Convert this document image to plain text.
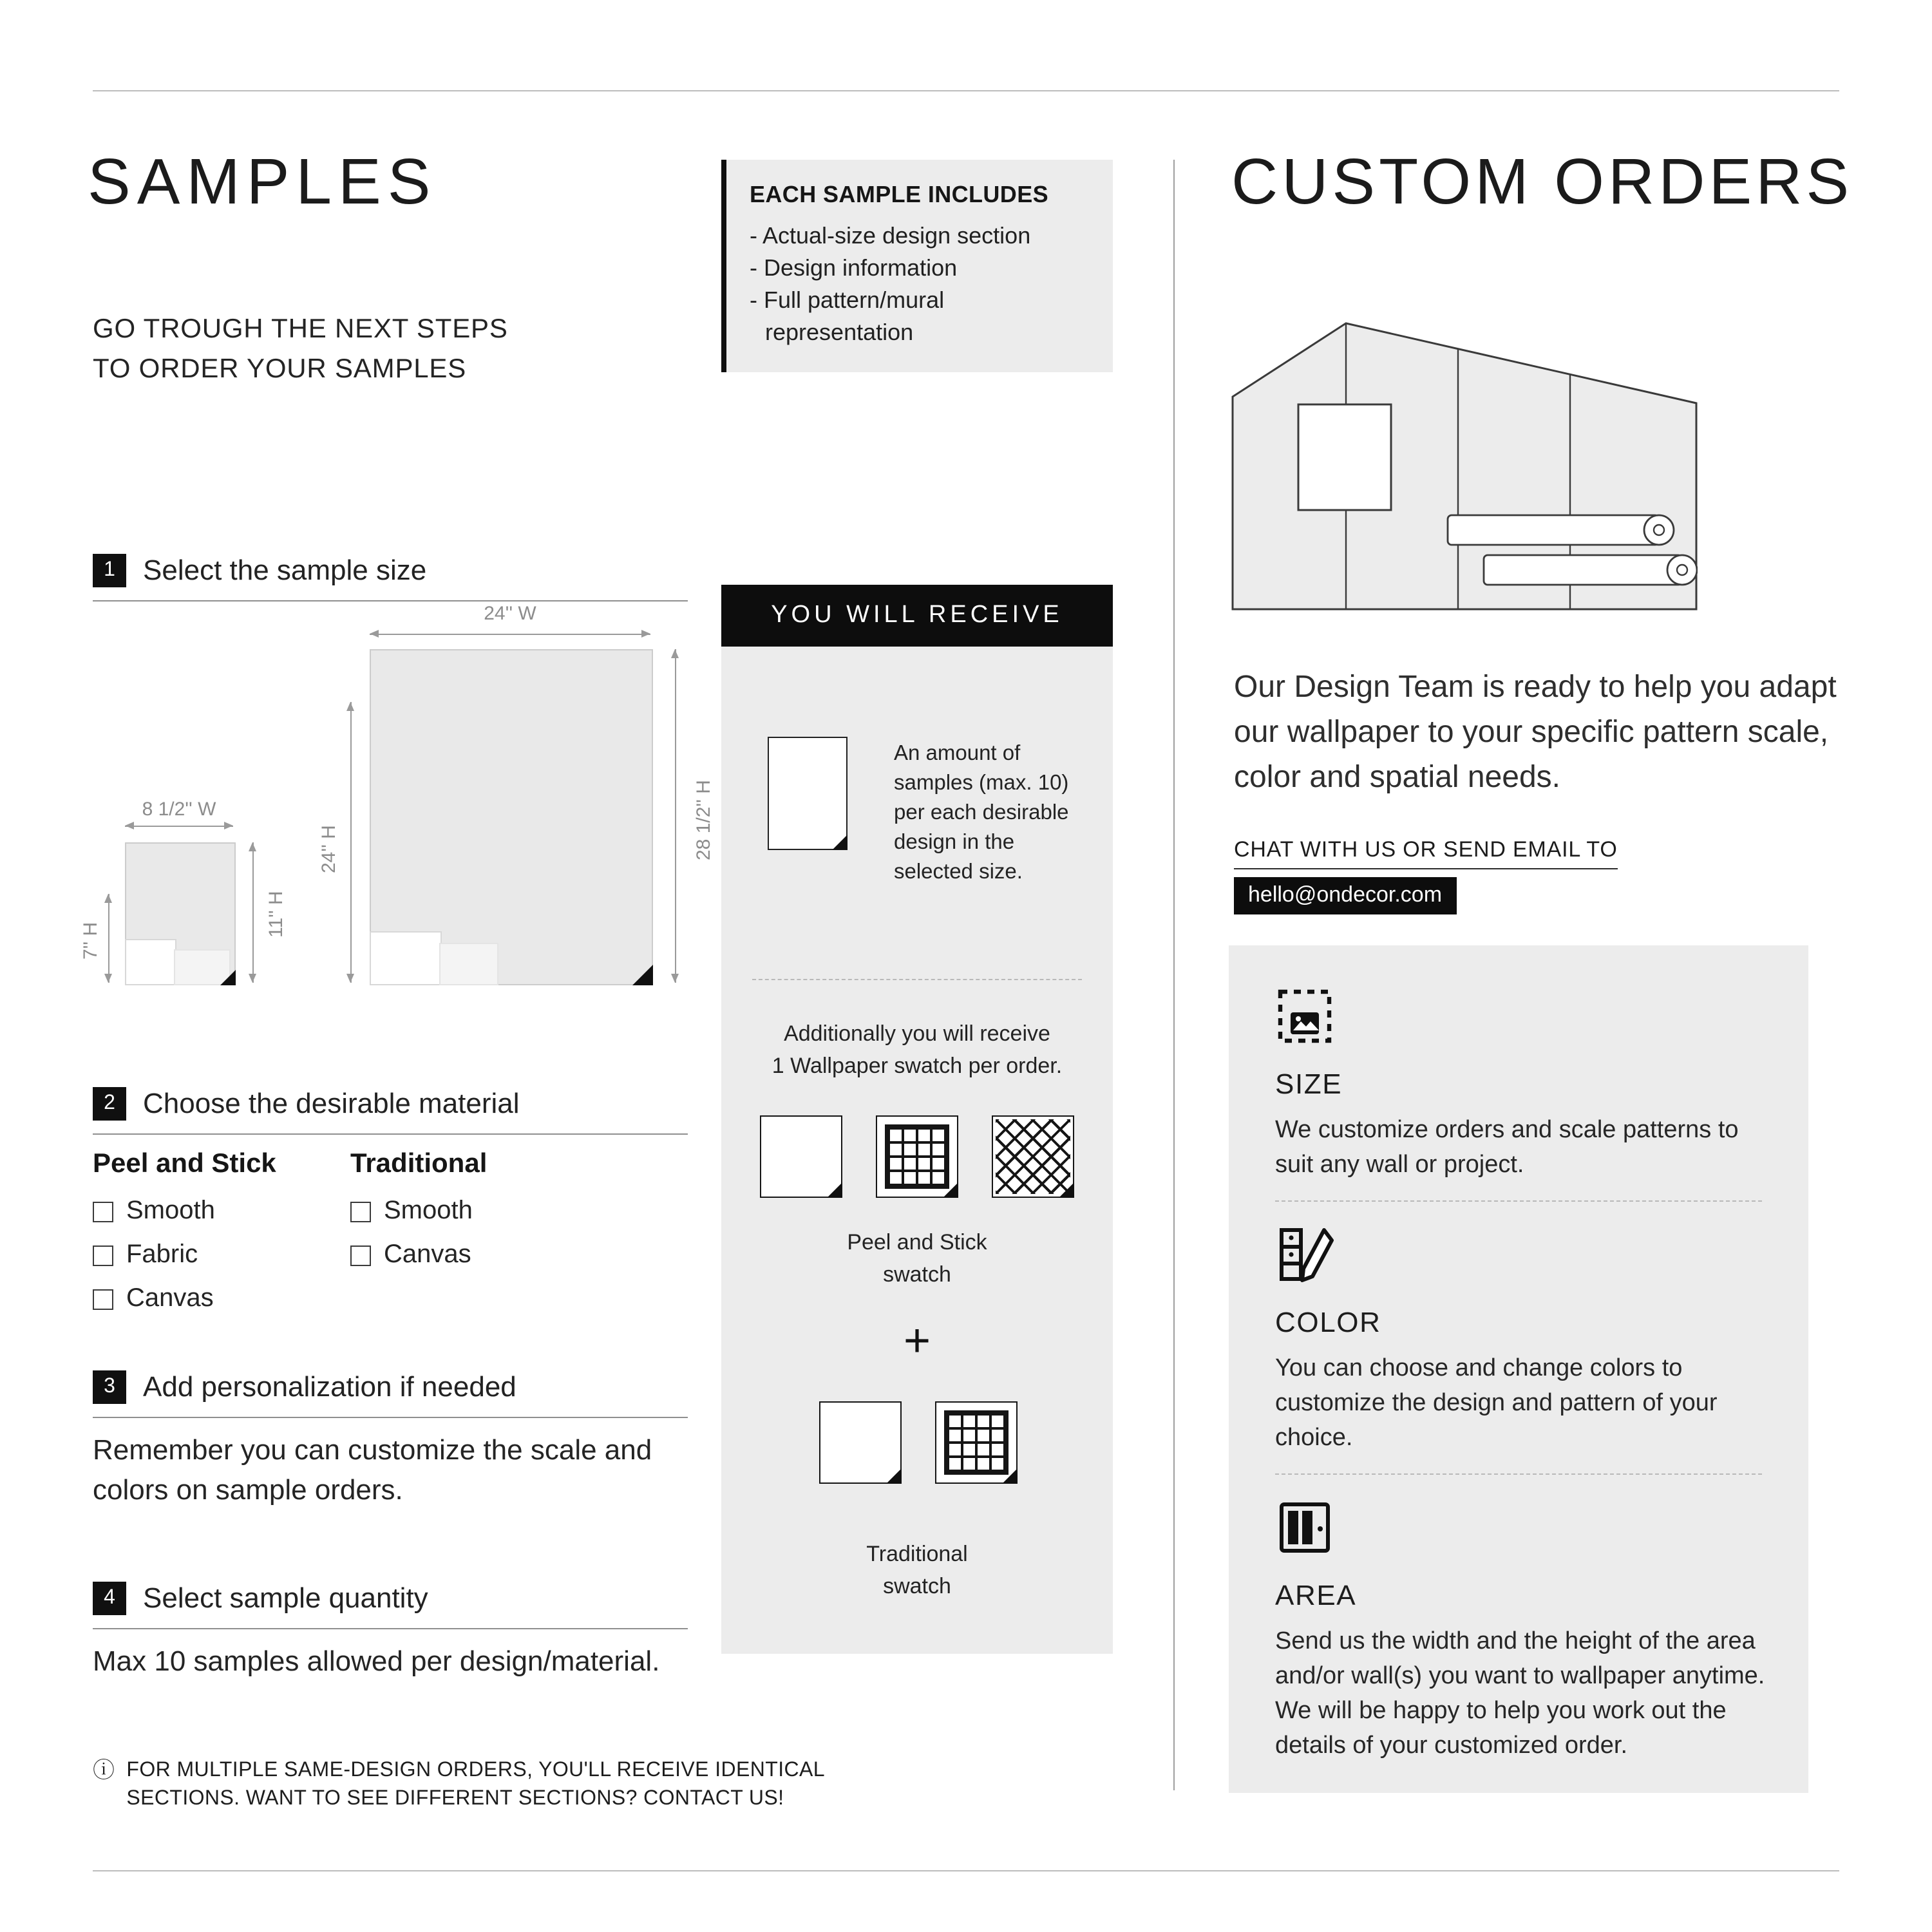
SAMPLES
GO TROUGH THE NEXT STEPS
TO ORDER YOUR SAMPLES
1	Select the sample size
24'' W
24'' H	28 1/2'' H
8 1/2'' W
7'' H
11'' H
2	Choose the desirable material
Peel and Stick
Smooth
Fabric
Canvas
Traditional
Smooth
Canvas
3	Add personalization if needed
Remember you can customize the scale and colors on sample orders.
4	Select sample quantity
Max 10 samples allowed per design/material.
ⓘ FOR MULTIPLE SAME-DESIGN ORDERS, YOU'LL RECEIVE IDENTICAL
SECTIONS. WANT TO SEE DIFFERENT SECTIONS? CONTACT US!
EACH SAMPLE INCLUDES
- Actual-size design section
- Design information
- Full pattern/mural representation
YOU WILL RECEIVE
An amount of samples (max. 10) per each desirable design in the selected size.
Additionally you will receive
1 Wallpaper swatch per order.
Peel and Stick
swatch
+
Traditional
swatch
CUSTOM ORDERS
Our Design Team is ready to help you adapt our wallpaper to your specific pattern scale, color and spatial needs.
CHAT WITH US OR SEND EMAIL TO
hello@ondecor.com
SIZE

We customize orders and scale patterns to suit any wall or project.

COLOR

You can choose and change colors to customize the design and pattern of your choice.

AREA

Send us the width and the height of the area and/or wall(s) you want to wallpaper anytime. We will be happy to help you work out the details of your customized order.
